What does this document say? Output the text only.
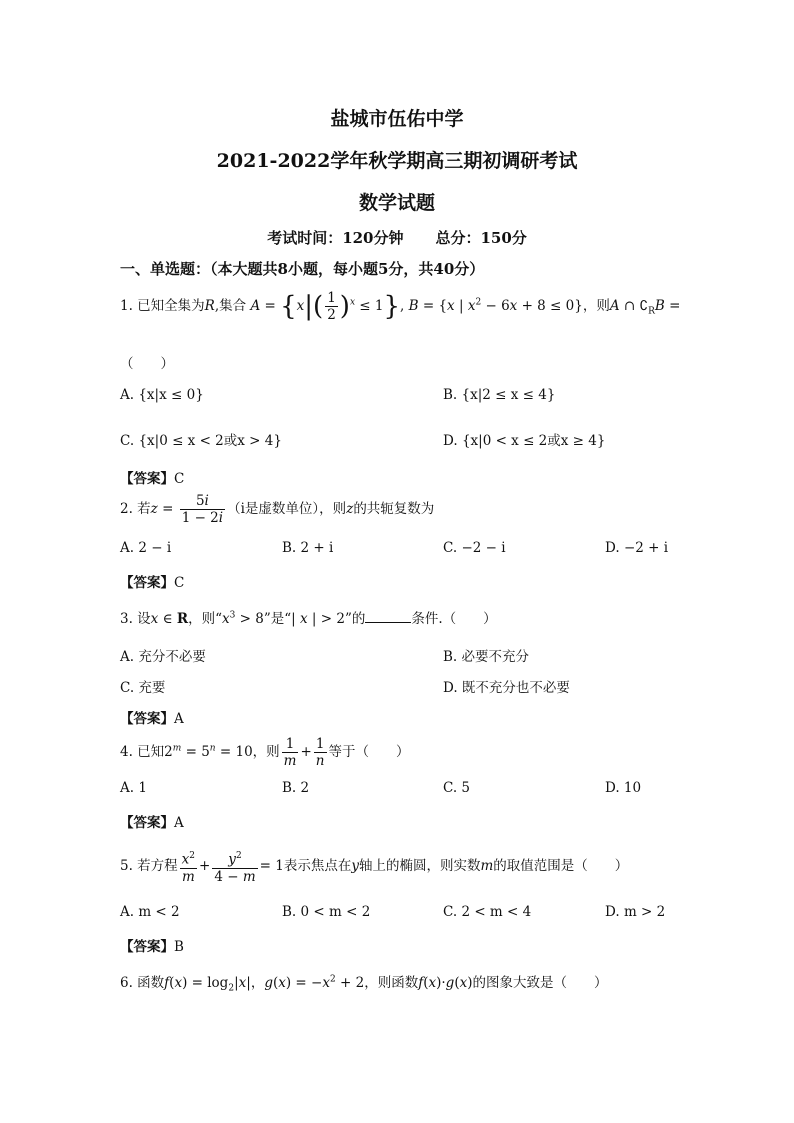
盐城市伍佑中学
2021-2022学年秋学期高三期初调研考试
数学试题
考试时间：120分钟 总分：150分
一、单选题：（本大题共8小题，每小题5分，共40分）
1. 已知全集为R,集合 $A = \{x|( \frac{1}{2} )^x \le 1\}$, B = {x | $x^2 - 6x + 8 \le 0$}，则A ∩ $∁_RB$ =
（　　）
A. {x|x ≤ 0}	B. {x|2 ≤ x ≤ 4}
C. {x|0 ≤ x < 2或x > 4}	D. {x|0 < x ≤ 2或x ≥ 4}
【答案】C
2. 若$z = \frac{5i}{1 - 2i} (i$是虚数单位），则z的共轭复数为
A. 2 − i	B. 2 + i	C. −2 − i	D. −2 + i
【答案】C
3. 设x ∈ R，则“$x^3 > 8$”是“| x | > 2”的	条件.（　　）
A. 充分不必要	B. 必要不充分
C. 充要	D. 既不充分也不必要
【答案】A
4. 已知$2^m = 5^n = 10$，则 $\frac{1}{m} + \frac{1}{n}$ 等于（　　）
A. 1	B. 2	C. 5	D. 10
【答案】A
5. 若方程 $\frac{x^2}{m} + \frac{y^2}{4 - m} = 1$表示焦点在y轴上的椭圆，则实数m的取值范围是（　　）
A. m < 2	B. 0 < m < 2	C. 2 < m < 4	D. m > 2
【答案】B
6. 函数$f(x) = \log_2|x|$，$g(x) = -x^2 + 2$，则函数f(x)·g(x)的图象大致是（　　）
